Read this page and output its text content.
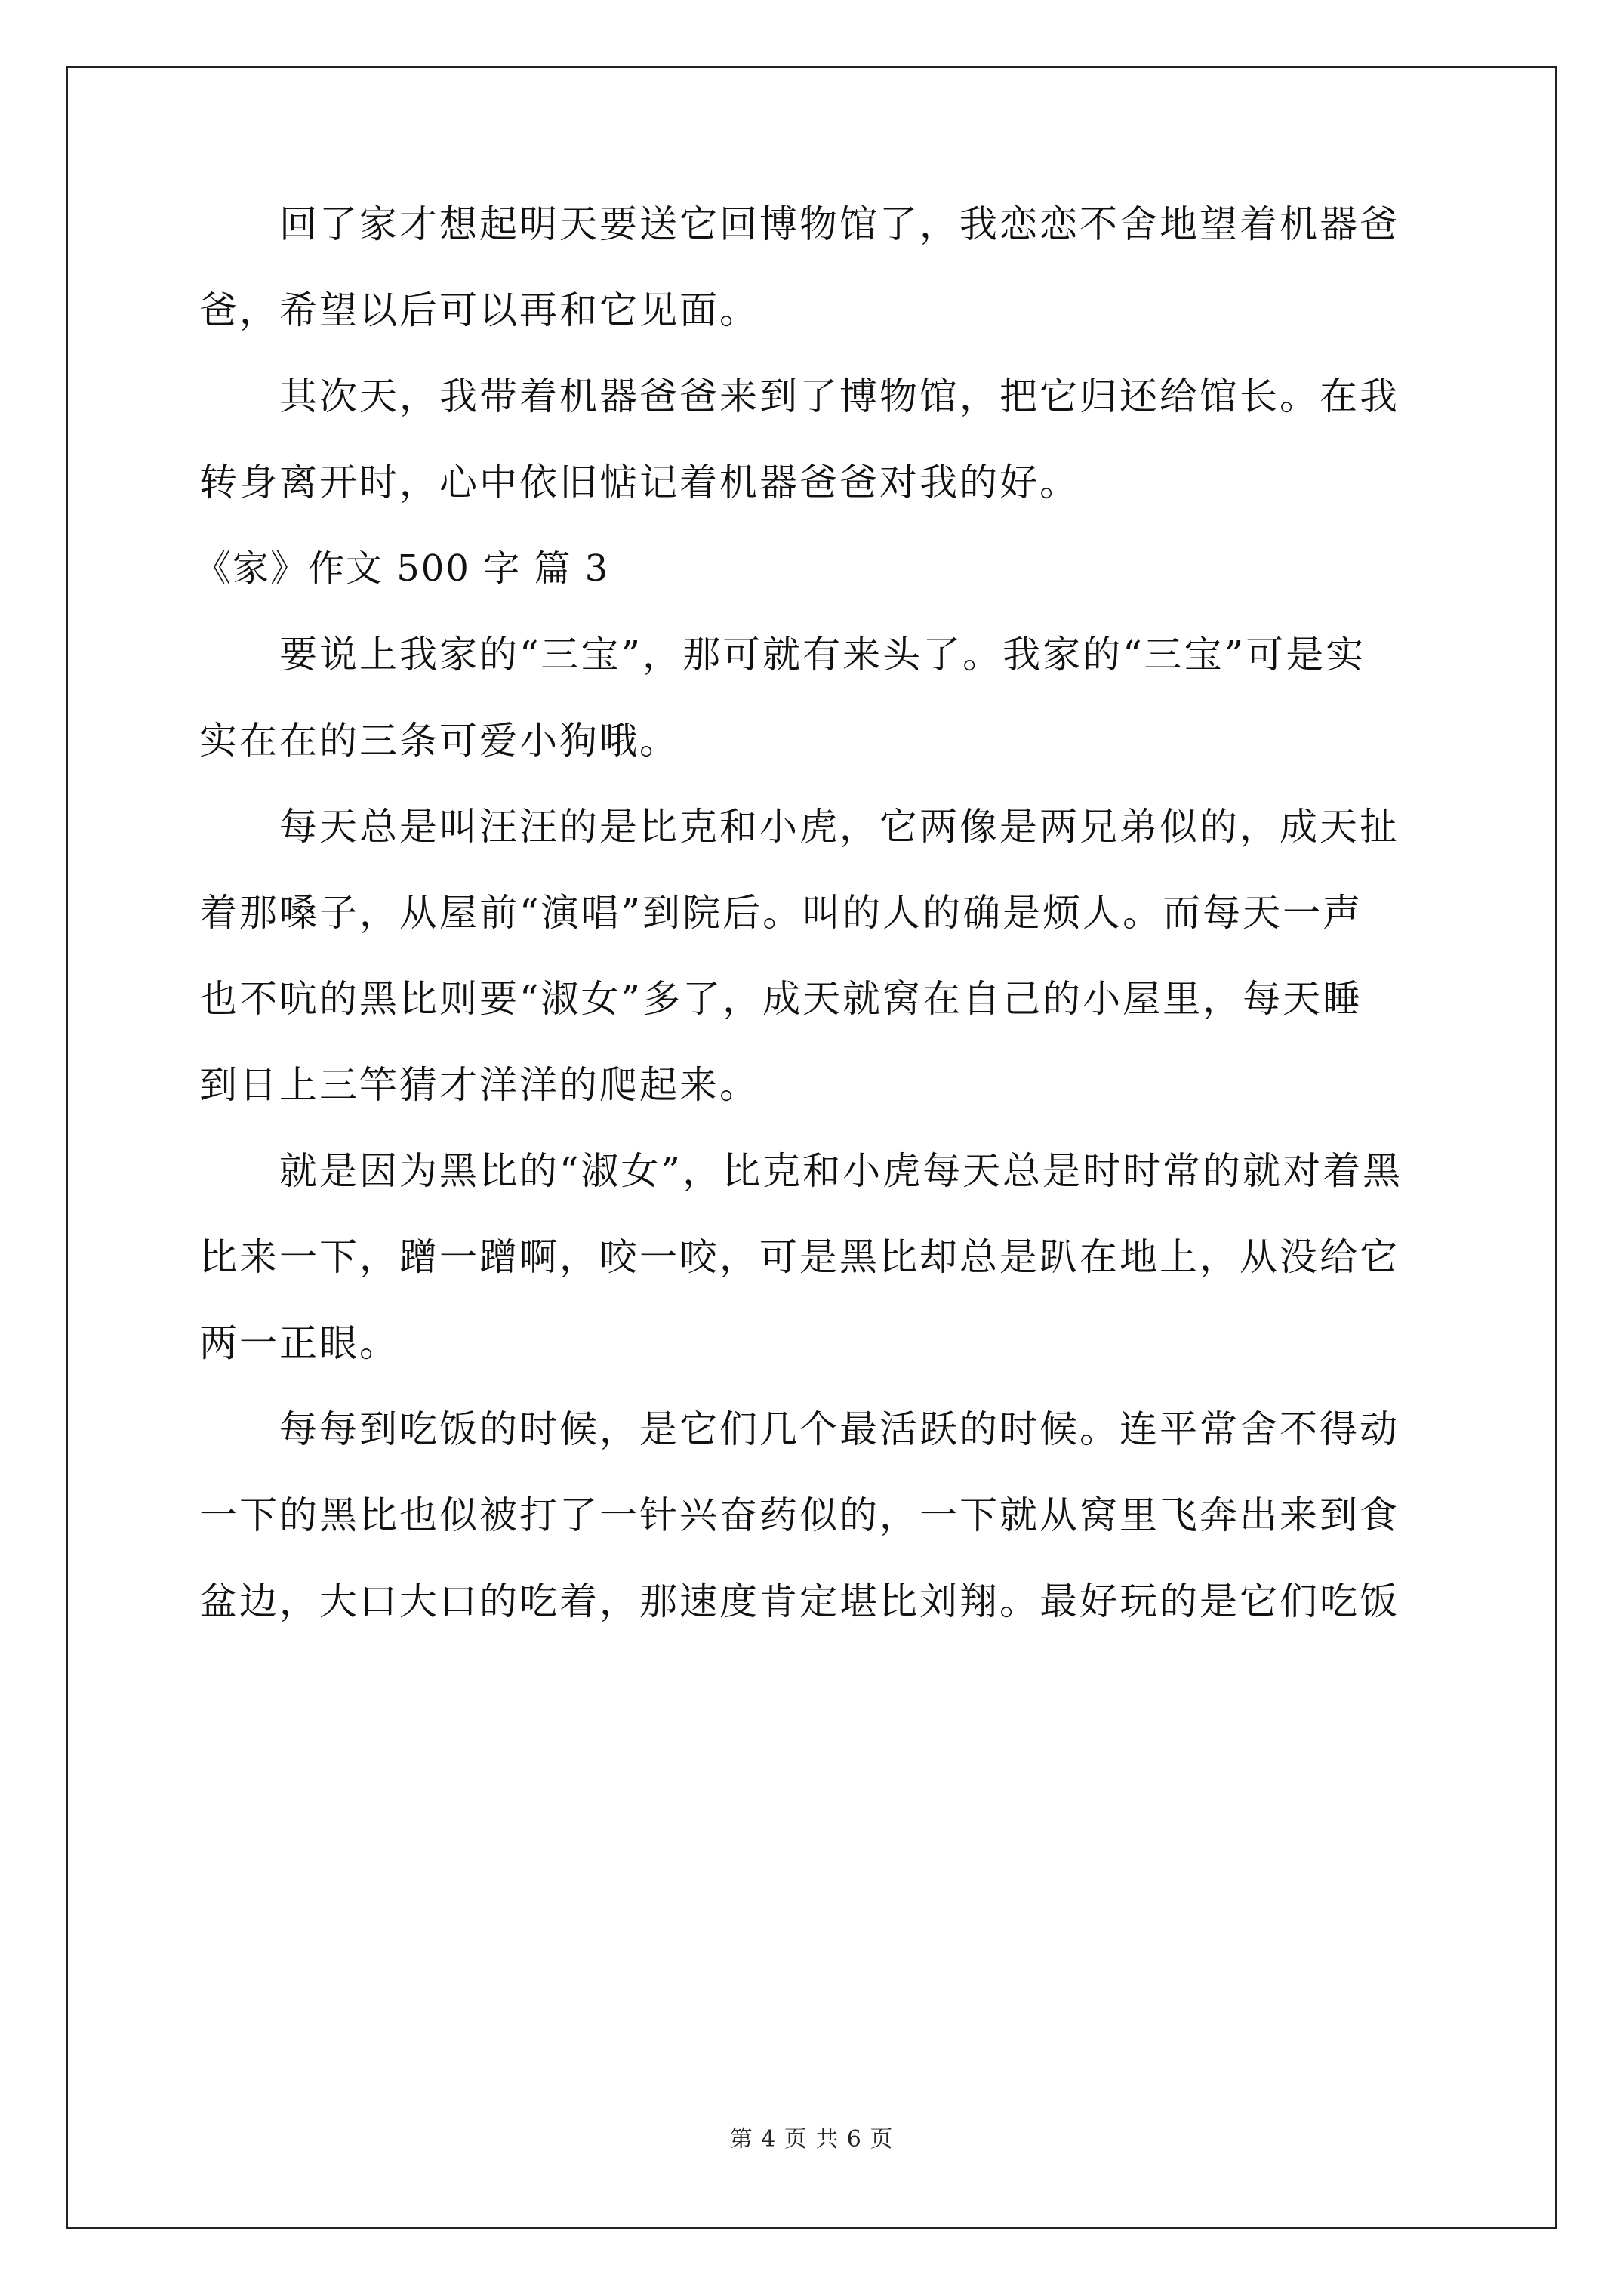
回了家才想起明天要送它回博物馆了，我恋恋不舍地望着机器爸
爸，希望以后可以再和它见面。

其次天，我带着机器爸爸来到了博物馆，把它归还给馆长。在我
转身离开时，心中依旧惦记着机器爸爸对我的好。

《家》作文 500 字 篇 3

要说上我家的“三宝”，那可就有来头了。我家的“三宝”可是实
实在在的三条可爱小狗哦。

每天总是叫汪汪的是比克和小虎，它两像是两兄弟似的，成天扯
着那嗓子，从屋前“演唱”到院后。叫的人的确是烦人。而每天一声
也不吭的黑比则要“淑女”多了，成天就窝在自己的小屋里，每天睡
到日上三竿猜才洋洋的爬起来。

就是因为黑比的“淑女”，比克和小虎每天总是时时常的就对着黑
比来一下，蹭一蹭啊，咬一咬，可是黑比却总是趴在地上，从没给它
两一正眼。

每每到吃饭的时候，是它们几个最活跃的时候。连平常舍不得动
一下的黑比也似被打了一针兴奋药似的，一下就从窝里飞奔出来到食
盆边，大口大口的吃着，那速度肯定堪比刘翔。最好玩的是它们吃饭

第 4 页 共 6 页
